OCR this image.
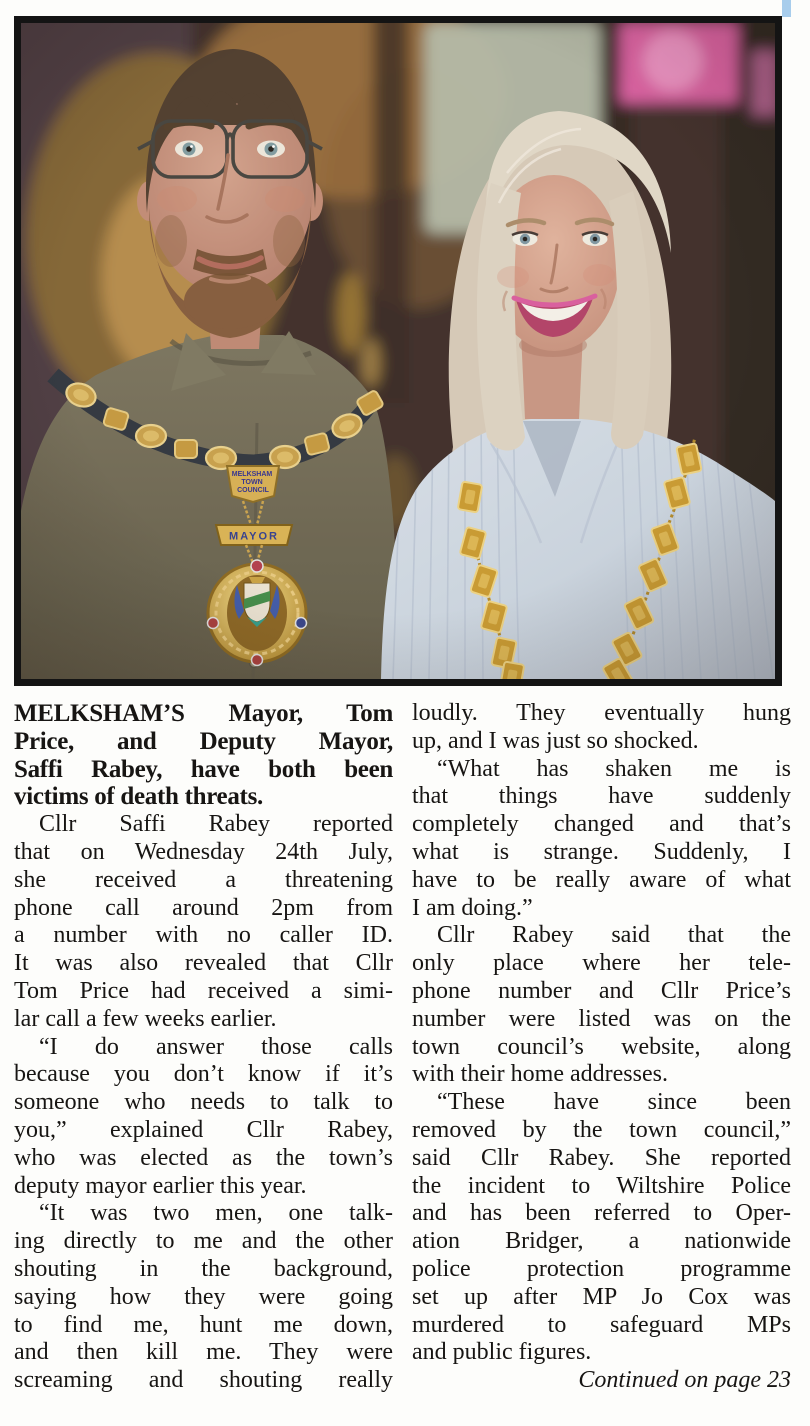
MELKSHAM’S Mayor, Tom
Price, and Deputy Mayor,
Saffi Rabey, have both been
victims of death threats.
Cllr Saffi Rabey reported
that on Wednesday 24th July,
she received a threatening
phone call around 2pm from
a number with no caller ID.
It was also revealed that Cllr
Tom Price had received a simi-
lar call a few weeks earlier.
“I do answer those calls
because you don’t know if it’s
someone who needs to talk to
you,” explained Cllr Rabey,
who was elected as the town’s
deputy mayor earlier this year.
“It was two men, one talk-
ing directly to me and the other
shouting in the background,
saying how they were going
to find me, hunt me down,
and then kill me. They were
screaming and shouting really
loudly. They eventually hung
up, and I was just so shocked.
“What has shaken me is
that things have suddenly
completely changed and that’s
what is strange. Suddenly, I
have to be really aware of what
I am doing.”
Cllr Rabey said that the
only place where her tele-
phone number and Cllr Price’s
number were listed was on the
town council’s website, along
with their home addresses.
“These have since been
removed by the town council,”
said Cllr Rabey. She reported
the incident to Wiltshire Police
and has been referred to Oper-
ation Bridger, a nationwide
police protection programme
set up after MP Jo Cox was
murdered to safeguard MPs
and public figures.
Continued on page 23
